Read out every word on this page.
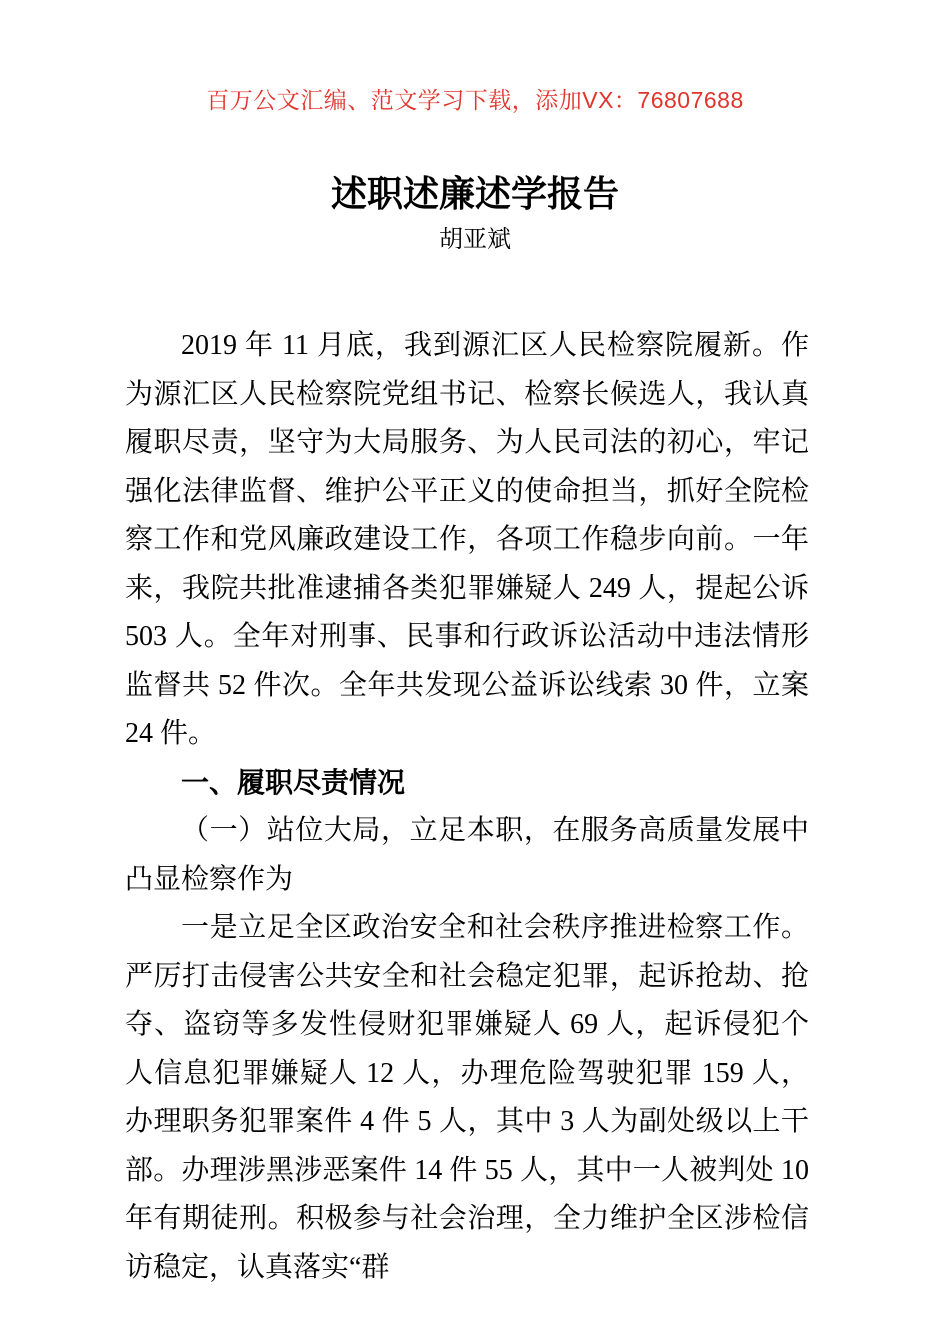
百万公文汇编、范文学习下载，添加VX：76807688
述职述廉述学报告
胡亚斌

2019 年 11 月底，我到源汇区人民检察院履新。作为源汇区人民检察院党组书记、检察长候选人，我认真履职尽责，坚守为大局服务、为人民司法的初心，牢记强化法律监督、维护公平正义的使命担当，抓好全院检察工作和党风廉政建设工作，各项工作稳步向前。一年来，我院共批准逮捕各类犯罪嫌疑人 249 人，提起公诉 503 人。全年对刑事、民事和行政诉讼活动中违法情形监督共 52 件次。全年共发现公益诉讼线索 30 件，立案 24 件。

一、履职尽责情况

（一）站位大局，立足本职，在服务高质量发展中凸显检察作为

一是立足全区政治安全和社会秩序推进检察工作。严厉打击侵害公共安全和社会稳定犯罪，起诉抢劫、抢夺、盗窃等多发性侵财犯罪嫌疑人 69 人，起诉侵犯个人信息犯罪嫌疑人 12 人，办理危险驾驶犯罪 159 人，办理职务犯罪案件 4 件 5 人，其中 3 人为副处级以上干部。办理涉黑涉恶案件 14 件 55 人，其中一人被判处 10 年有期徒刑。积极参与社会治理，全力维护全区涉检信访稳定，认真落实“群
